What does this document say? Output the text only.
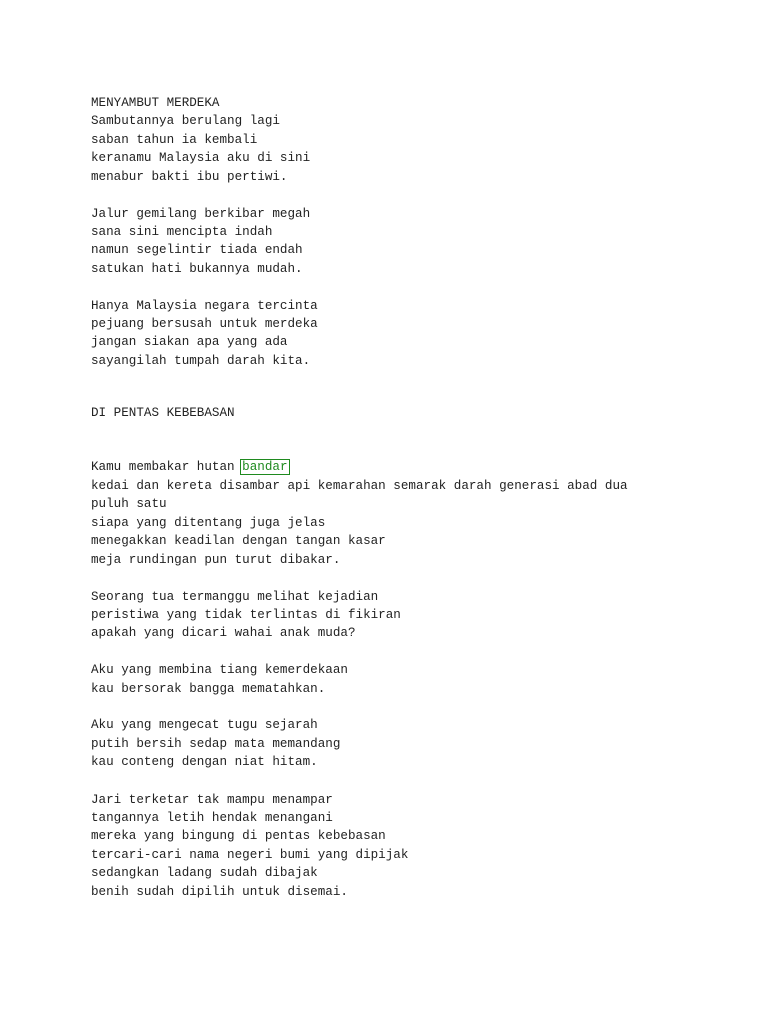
MENYAMBUT MERDEKA
Sambutannya berulang lagi
saban tahun ia kembali
keranamu Malaysia aku di sini
menabur bakti ibu pertiwi.
Jalur gemilang berkibar megah
sana sini mencipta indah
namun segelintir tiada endah
satukan hati bukannya mudah.
Hanya Malaysia negara tercinta
pejuang bersusah untuk merdeka
jangan siakan apa yang ada
sayangilah tumpah darah kita.
DI PENTAS KEBEBASAN
Kamu membakar hutan bandar
kedai dan kereta disambar api kemarahan semarak darah generasi abad dua
puluh satu
siapa yang ditentang juga jelas
menegakkan keadilan dengan tangan kasar
meja rundingan pun turut dibakar.
Seorang tua termanggu melihat kejadian
peristiwa yang tidak terlintas di fikiran
apakah yang dicari wahai anak muda?
Aku yang membina tiang kemerdekaan
kau bersorak bangga mematahkan.
Aku yang mengecat tugu sejarah
putih bersih sedap mata memandang
kau conteng dengan niat hitam.
Jari terketar tak mampu menampar
tangannya letih hendak menangani
mereka yang bingung di pentas kebebasan
tercari-cari nama negeri bumi yang dipijak
sedangkan ladang sudah dibajak
benih sudah dipilih untuk disemai.
